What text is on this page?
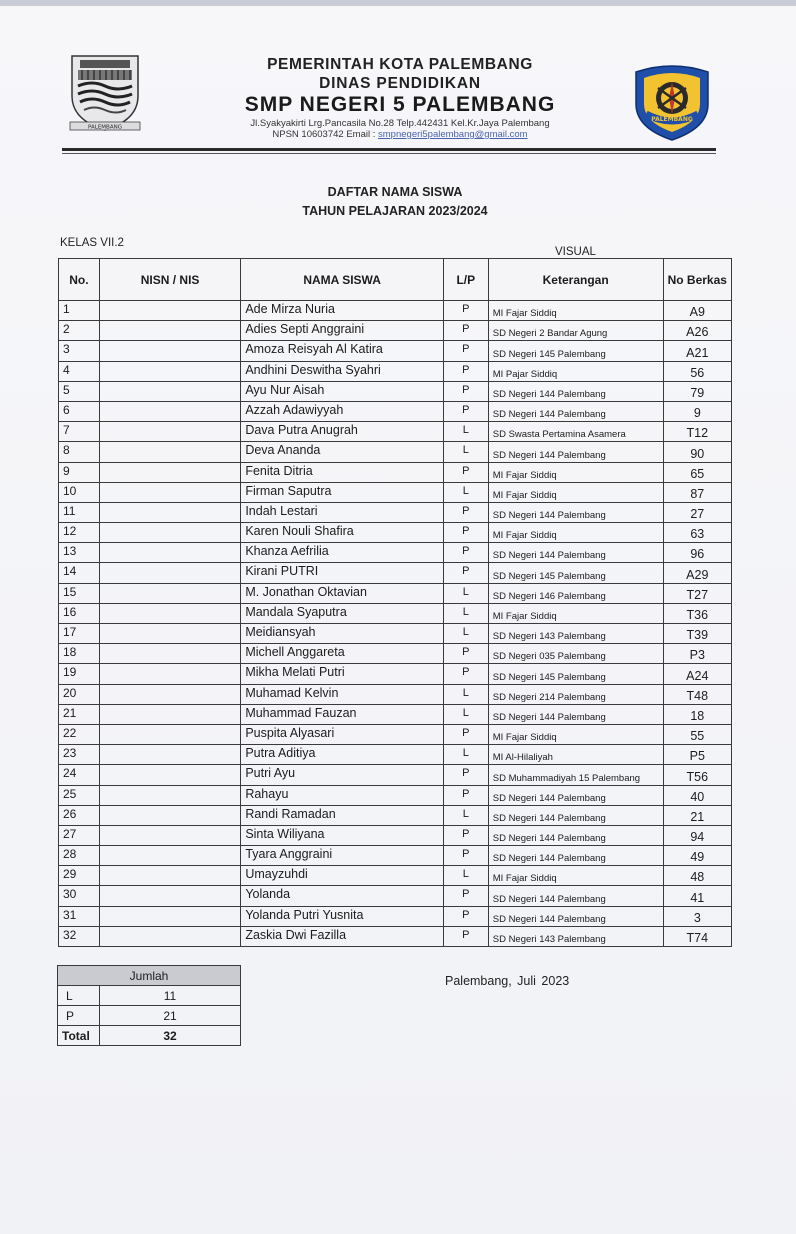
PALEMBANG
PEMERINTAH KOTA PALEMBANG
DINAS PENDIDIKAN
SMP NEGERI 5 PALEMBANG
Jl.Syakyakirti Lrg.Pancasila No.28 Telp.442431 Kel.Kr.Jaya Palembang
NPSN 10603742 Email : smpnegeri5palembang@gmail.com
PALEMBANG
DAFTAR NAMA SISWA
TAHUN PELAJARAN 2023/2024
KELAS VII.2
VISUAL
No.	NISN / NIS	NAMA SISWA	L/P	Keterangan	No Berkas
1		Ade Mirza Nuria	P	MI Fajar Siddiq	A9
2		Adies Septi Anggraini	P	SD Negeri 2 Bandar Agung	A26
3		Amoza Reisyah Al Katira	P	SD Negeri 145 Palembang	A21
4		Andhini Deswitha Syahri	P	MI Pajar Siddiq	56
5		Ayu Nur Aisah	P	SD Negeri 144 Palembang	79
6		Azzah Adawiyyah	P	SD Negeri 144 Palembang	9
7		Dava Putra Anugrah	L	SD Swasta Pertamina Asamera	T12
8		Deva Ananda	L	SD Negeri 144 Palembang	90
9		Fenita Ditria	P	MI Fajar Siddiq	65
10		Firman Saputra	L	MI Fajar Siddiq	87
11		Indah Lestari	P	SD Negeri 144 Palembang	27
12		Karen Nouli Shafira	P	MI Fajar Siddiq	63
13		Khanza Aefrilia	P	SD Negeri 144 Palembang	96
14		Kirani PUTRI	P	SD Negeri 145 Palembang	A29
15		M. Jonathan Oktavian	L	SD Negeri 146 Palembang	T27
16		Mandala Syaputra	L	MI Fajar Siddiq	T36
17		Meidiansyah	L	SD Negeri 143 Palembang	T39
18		Michell Anggareta	P	SD Negeri 035 Palembang	P3
19		Mikha Melati Putri	P	SD Negeri 145 Palembang	A24
20		Muhamad Kelvin	L	SD Negeri 214 Palembang	T48
21		Muhammad Fauzan	L	SD Negeri 144 Palembang	18
22		Puspita Alyasari	P	MI Fajar Siddiq	55
23		Putra Aditiya	L	MI Al-Hilaliyah	P5
24		Putri Ayu	P	SD Muhammadiyah 15 Palembang	T56
25		Rahayu	P	SD Negeri 144 Palembang	40
26		Randi Ramadan	L	SD Negeri 144 Palembang	21
27		Sinta Wiliyana	P	SD Negeri 144 Palembang	94
28		Tyara Anggraini	P	SD Negeri 144 Palembang	49
29		Umayzuhdi	L	MI Fajar Siddiq	48
30		Yolanda	P	SD Negeri 144 Palembang	41
31		Yolanda Putri Yusnita	P	SD Negeri 144 Palembang	3
32		Zaskia Dwi Fazilla	P	SD Negeri 143 Palembang	T74
Jumlah	
L	11
P	21
Total	32
Palembang, Juli 2023
